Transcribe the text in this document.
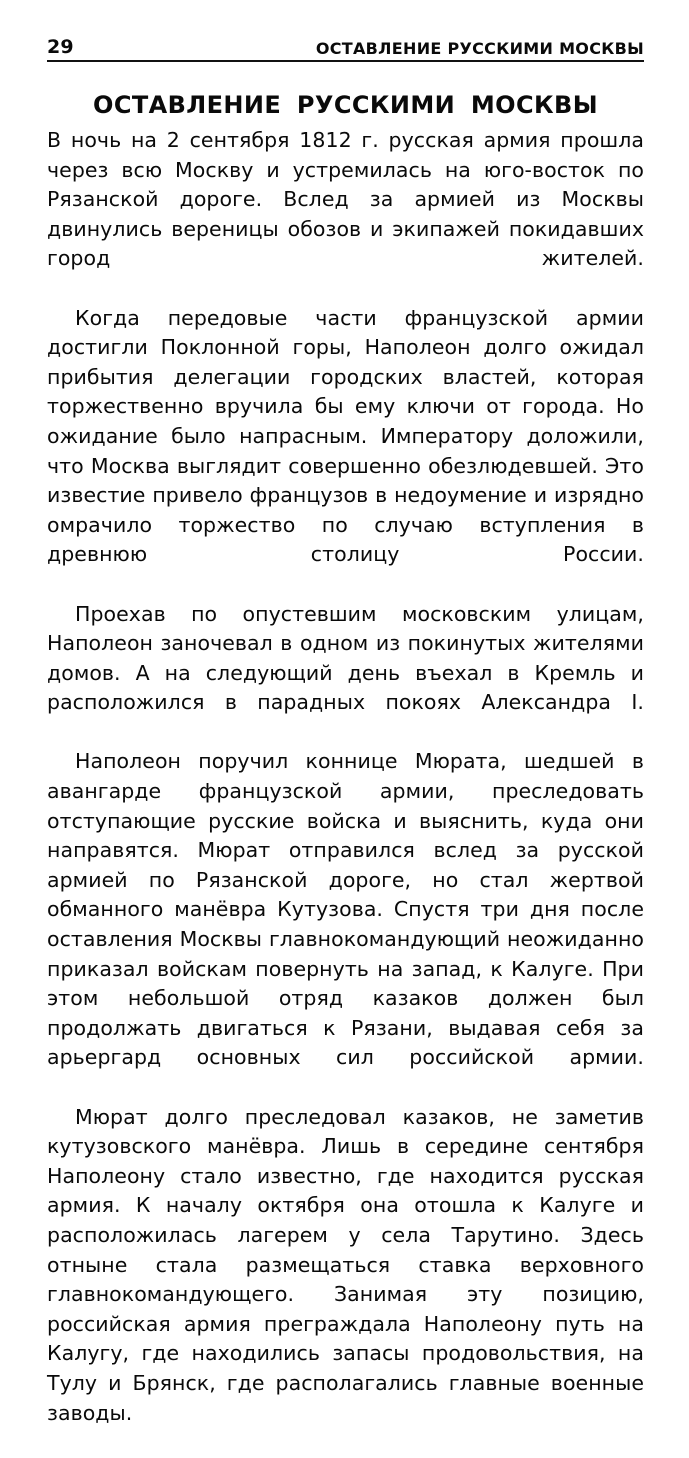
29	ОСТАВЛЕНИЕ РУССКИМИ МОСКВЫ
ОСТАВЛЕНИЕ РУССКИМИ МОСКВЫ

В ночь на 2 сентября 1812 г. русская армия прошла через всю Москву и устремилась на юго-восток по Рязанской дороге. Вслед за армией из Москвы двинулись вереницы обозов и экипажей покидавших город жителей.

Когда передовые части французской армии достигли Поклонной горы, Наполеон долго ожидал прибытия делегации городских властей, которая торжественно вручила бы ему ключи от города. Но ожидание было напрасным. Императору доложили, что Москва выглядит совершенно обезлюдевшей. Это известие привело французов в недоумение и изрядно омрачило торжество по случаю вступления в древнюю столицу России.

Проехав по опустевшим московским улицам, Наполеон заночевал в одном из покинутых жителями домов. А на следующий день въехал в Кремль и расположился в парадных покоях Александра I.

Наполеон поручил коннице Мюрата, шедшей в авангарде французской армии, преследовать отступающие русские войска и выяснить, куда они направятся. Мюрат отправился вслед за русской армией по Рязанской дороге, но стал жертвой обманного манёвра Кутузова. Спустя три дня после оставления Москвы главнокомандующий неожиданно приказал войскам повернуть на запад, к Калуге. При этом небольшой отряд казаков должен был продолжать двигаться к Рязани, выдавая себя за арьергард основных сил российской армии.

Мюрат долго преследовал казаков, не заметив кутузовского манёвра. Лишь в середине сентября Наполеону стало известно, где находится русская армия. К началу октября она отошла к Калуге и расположилась лагерем у села Тарутино. Здесь отныне стала размещаться ставка верховного главнокомандующего. Занимая эту позицию, российская армия преграждала Наполеону путь на Калугу, где находились запасы продовольствия, на Тулу и Брянск, где располагались главные военные заводы.
